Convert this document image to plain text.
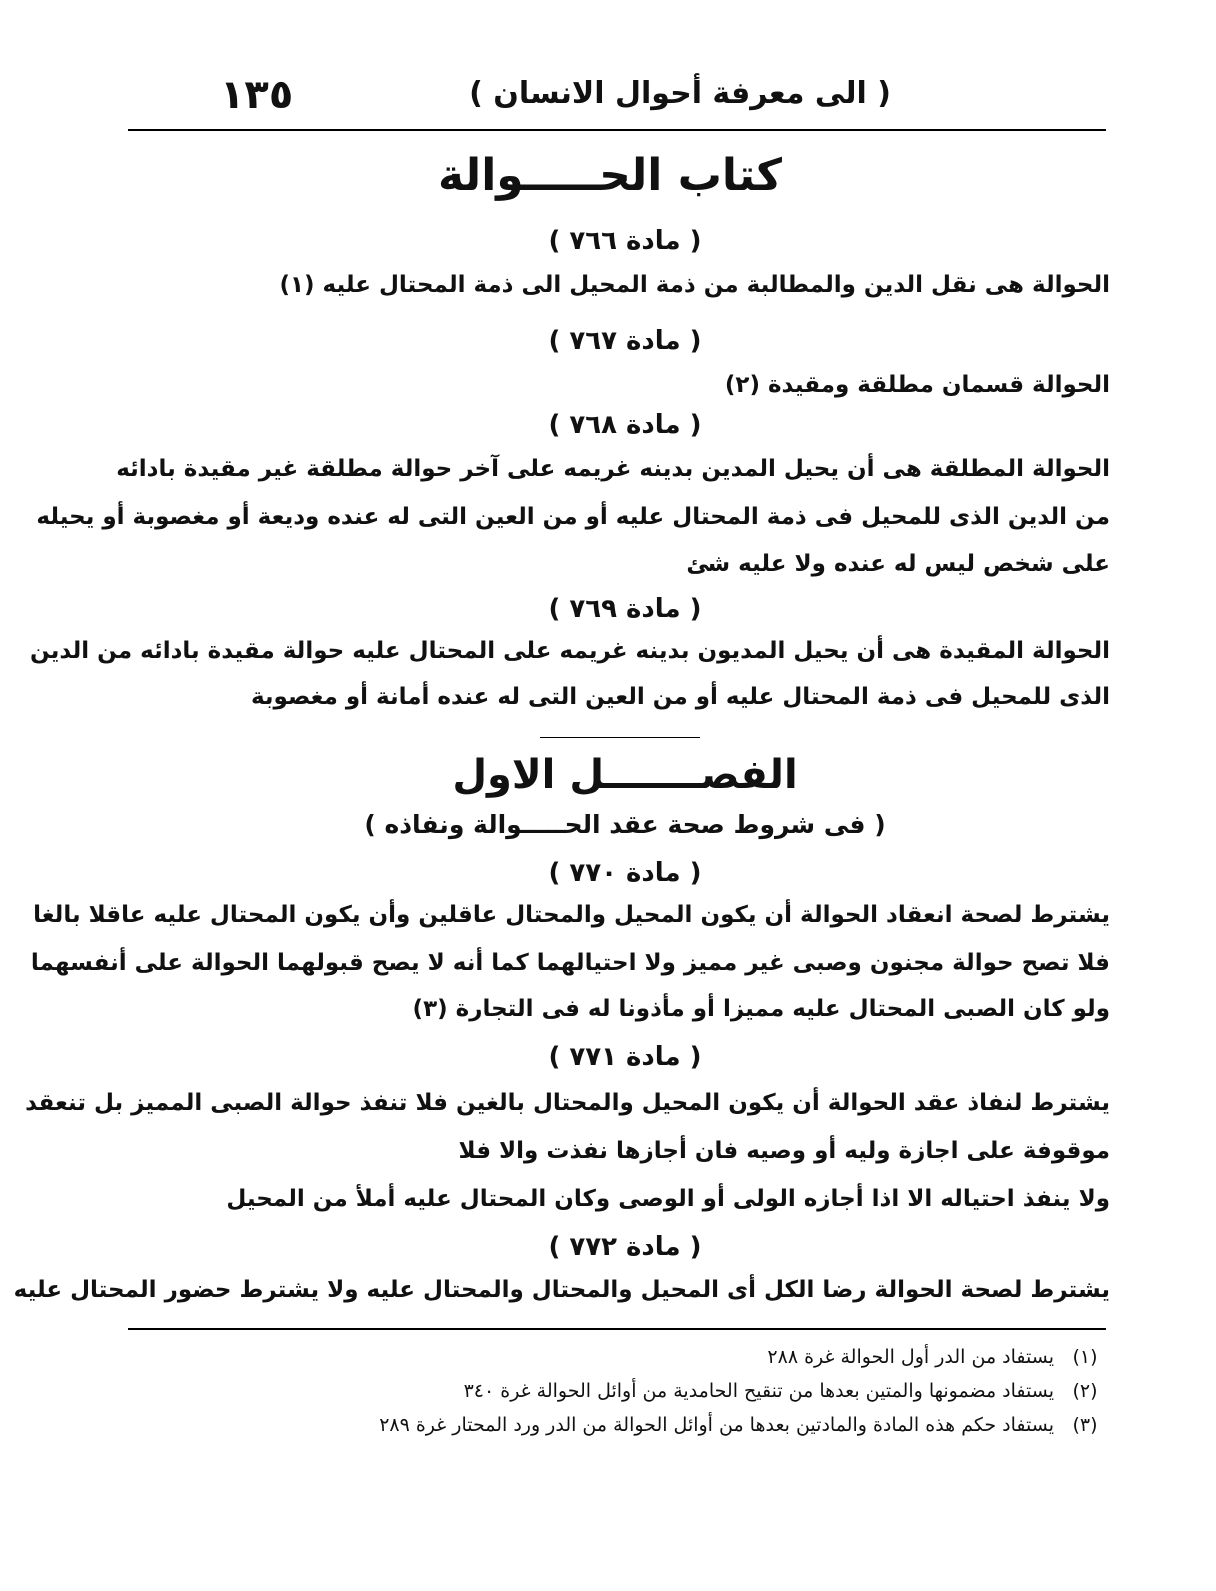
١٣٥	( الى معرفة أحوال الانسان )
كتاب الحـــــوالة
( مادة ٧٦٦ )
الحوالة هى نقل الدين والمطالبة من ذمة المحيل الى ذمة المحتال عليه (١)
( مادة ٧٦٧ )
الحوالة قسمان مطلقة ومقيدة (٢)
( مادة ٧٦٨ )
الحوالة المطلقة هى أن يحيل المدين بدينه غريمه على آخر حوالة مطلقة غير مقيدة بادائه
من الدين الذى للمحيل فى ذمة المحتال عليه أو من العين التى له عنده وديعة أو مغصوبة أو يحيله
على شخص ليس له عنده ولا عليه شئ
( مادة ٧٦٩ )
الحوالة المقيدة هى أن يحيل المديون بدينه غريمه على المحتال عليه حوالة مقيدة بادائه من الدين
الذى للمحيل فى ذمة المحتال عليه أو من العين التى له عنده أمانة أو مغصوبة
الفصـــــــل الاول
( فى شروط صحة عقد الحـــــوالة ونفاذه )
( مادة ٧٧٠ )
يشترط لصحة انعقاد الحوالة أن يكون المحيل والمحتال عاقلين وأن يكون المحتال عليه عاقلا بالغا
فلا تصح حوالة مجنون وصبى غير مميز ولا احتيالهما كما أنه لا يصح قبولهما الحوالة على أنفسهما
ولو كان الصبى المحتال عليه مميزا أو مأذونا له فى التجارة (٣)
( مادة ٧٧١ )
يشترط لنفاذ عقد الحوالة أن يكون المحيل والمحتال بالغين فلا تنفذ حوالة الصبى المميز بل تنعقد
موقوفة على اجازة وليه أو وصيه فان أجازها نفذت والا فلا
ولا ينفذ احتياله الا اذا أجازه الولى أو الوصى وكان المحتال عليه أملأ من المحيل
( مادة ٧٧٢ )
يشترط لصحة الحوالة رضا الكل أى المحيل والمحتال والمحتال عليه ولا يشترط حضور المحتال عليه
(١)يستفاد من الدر أول الحوالة غرة ٢٨٨
(٢)يستفاد مضمونها والمتين بعدها من تنقيح الحامدية من أوائل الحوالة غرة ٣٤٠
(٣)يستفاد حكم هذه المادة والمادتين بعدها من أوائل الحوالة من الدر ورد المحتار غرة ٢٨٩
